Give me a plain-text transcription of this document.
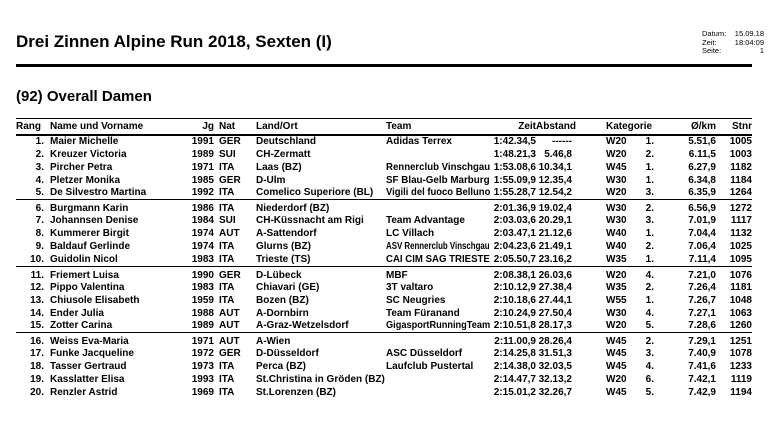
Drei Zinnen Alpine Run 2018, Sexten (I)	Datum: 15.09.18
Zeit: 18:04:09
Seite:	1
(92) Overall Damen
Rang	Name und Vorname	Jg	Nat	Land/Ort	Team	Zeit	Abstand	Kategorie		Ø/km	Stnr
1.	Maier Michelle	1991	GER	Deutschland	Adidas Terrex	1:42.34,5	------	W20	1.	5.51,6	1005
2.	Kreuzer Victoria	1989	SUI	CH-Zermatt		1:48.21,3	5.46,8	W20	2.	6.11,5	1003
3.	Pircher Petra	1971	ITA	Laas (BZ)	Rennerclub Vinschgau	1:53.08,6	10.34,1	W45	1.	6.27,9	1182
4.	Pletzer Monika	1985	GER	D-Ulm	SF Blau-Gelb Marburg	1:55.09,9	12.35,4	W30	1.	6.34,8	1184
5.	De Silvestro Martina	1992	ITA	Comelico Superiore (BL)	Vigili del fuoco Belluno	1:55.28,7	12.54,2	W20	3.	6.35,9	1264
6.	Burgmann Karin	1986	ITA	Niederdorf (BZ)		2:01.36,9	19.02,4	W30	2.	6.56,9	1272
7.	Johannsen Denise	1984	SUI	CH-Küssnacht am Rigi	Team Advantage	2:03.03,6	20.29,1	W30	3.	7.01,9	1117
8.	Kummerer Birgit	1974	AUT	A-Sattendorf	LC Villach	2:03.47,1	21.12,6	W40	1.	7.04,4	1132
9.	Baldauf Gerlinde	1974	ITA	Glurns (BZ)	ASV Rennerclub Vinschgau	2:04.23,6	21.49,1	W40	2.	7.06,4	1025
10.	Guidolin Nicol	1983	ITA	Trieste (TS)	CAI CIM SAG TRIESTE	2:05.50,7	23.16,2	W35	1.	7.11,4	1095
11.	Friemert Luisa	1990	GER	D-Lübeck	MBF	2:08.38,1	26.03,6	W20	4.	7.21,0	1076
12.	Pippo Valentina	1983	ITA	Chiavari (GE)	3T valtaro	2:10.12,9	27.38,4	W35	2.	7.26,4	1181
13.	Chiusole Elisabeth	1959	ITA	Bozen (BZ)	SC Neugries	2:10.18,6	27.44,1	W55	1.	7.26,7	1048
14.	Ender Julia	1988	AUT	A-Dornbirn	Team Füranand	2:10.24,9	27.50,4	W30	4.	7.27,1	1063
15.	Zotter Carina	1989	AUT	A-Graz-Wetzelsdorf	GigasportRunningTeam	2:10.51,8	28.17,3	W20	5.	7.28,6	1260
16.	Weiss Eva-Maria	1971	AUT	A-Wien		2:11.00,9	28.26,4	W45	2.	7.29,1	1251
17.	Funke Jacqueline	1972	GER	D-Düsseldorf	ASC Düsseldorf	2:14.25,8	31.51,3	W45	3.	7.40,9	1078
18.	Tasser Gertraud	1973	ITA	Perca (BZ)	Laufclub Pustertal	2:14.38,0	32.03,5	W45	4.	7.41,6	1233
19.	Kasslatter Elisa	1993	ITA	St.Christina in Gröden (BZ)		2:14.47,7	32.13,2	W20	6.	7.42,1	1119
20.	Renzler Astrid	1969	ITA	St.Lorenzen (BZ)		2:15.01,2	32.26,7	W45	5.	7.42,9	1194
